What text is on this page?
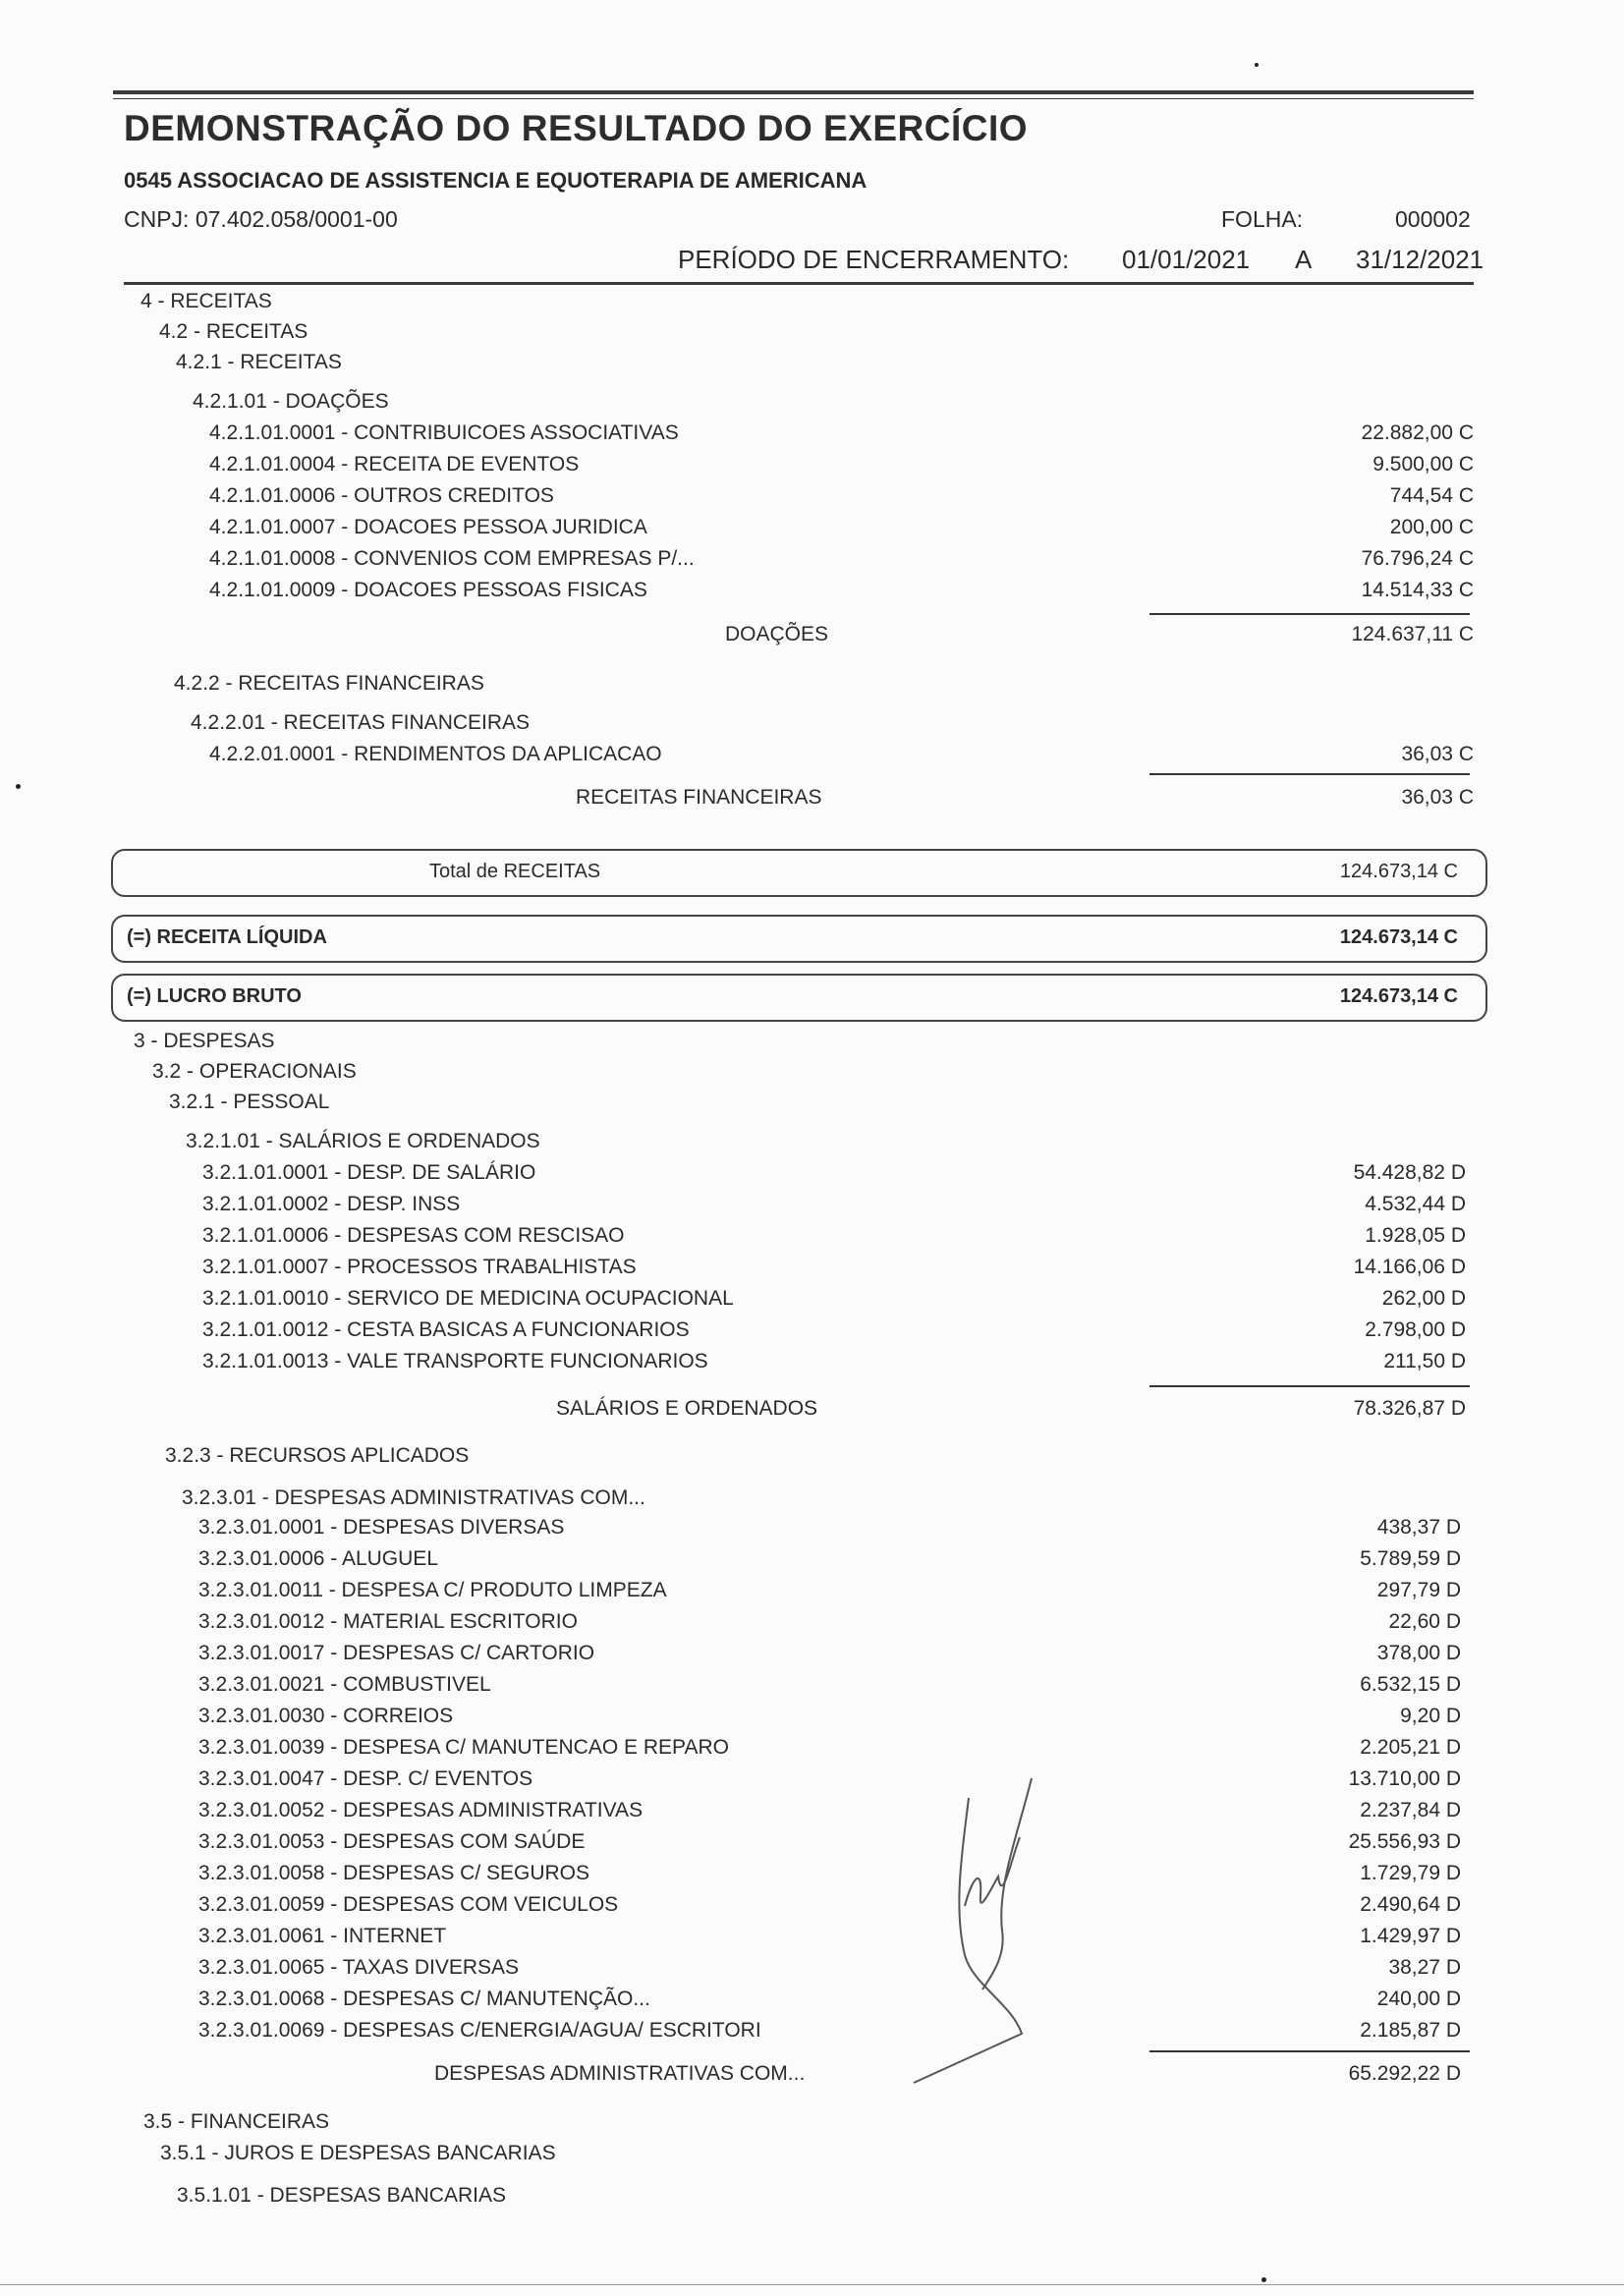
DEMONSTRAÇÃO DO RESULTADO DO EXERCÍCIO
0545 ASSOCIACAO DE ASSISTENCIA E EQUOTERAPIA DE AMERICANA
CNPJ: 07.402.058/0001-00	FOLHA:	000002
PERÍODO DE ENCERRAMENTO: 01/01/2021 A 31/12/2021
4 - RECEITAS
4.2 - RECEITAS
4.2.1 - RECEITAS
4.2.1.01 - DOAÇÕES
4.2.1.01.0001 - CONTRIBUICOES ASSOCIATIVAS	22.882,00 C
4.2.1.01.0004 - RECEITA DE EVENTOS	9.500,00 C
4.2.1.01.0006 - OUTROS CREDITOS	744,54 C
4.2.1.01.0007 - DOACOES PESSOA JURIDICA	200,00 C
4.2.1.01.0008 - CONVENIOS COM EMPRESAS P/...	76.796,24 C
4.2.1.01.0009 - DOACOES PESSOAS FISICAS	14.514,33 C
DOAÇÕES	124.637,11 C
4.2.2 - RECEITAS FINANCEIRAS
4.2.2.01 - RECEITAS FINANCEIRAS
4.2.2.01.0001 - RENDIMENTOS DA APLICACAO	36,03 C
RECEITAS FINANCEIRAS	36,03 C
Total de RECEITAS	124.673,14 C
(=) RECEITA LÍQUIDA	124.673,14 C
(=) LUCRO BRUTO	124.673,14 C
3 - DESPESAS
3.2 - OPERACIONAIS
3.2.1 - PESSOAL
3.2.1.01 - SALÁRIOS E ORDENADOS
3.2.1.01.0001 - DESP. DE SALÁRIO	54.428,82 D
3.2.1.01.0002 - DESP. INSS	4.532,44 D
3.2.1.01.0006 - DESPESAS COM RESCISAO	1.928,05 D
3.2.1.01.0007 - PROCESSOS TRABALHISTAS	14.166,06 D
3.2.1.01.0010 - SERVICO DE MEDICINA OCUPACIONAL	262,00 D
3.2.1.01.0012 - CESTA BASICAS A FUNCIONARIOS	2.798,00 D
3.2.1.01.0013 - VALE TRANSPORTE FUNCIONARIOS	211,50 D
SALÁRIOS E ORDENADOS	78.326,87 D
3.2.3 - RECURSOS APLICADOS
3.2.3.01 - DESPESAS ADMINISTRATIVAS COM...
3.2.3.01.0001 - DESPESAS DIVERSAS	438,37 D
3.2.3.01.0006 - ALUGUEL	5.789,59 D
3.2.3.01.0011 - DESPESA C/ PRODUTO LIMPEZA	297,79 D
3.2.3.01.0012 - MATERIAL ESCRITORIO	22,60 D
3.2.3.01.0017 - DESPESAS C/ CARTORIO	378,00 D
3.2.3.01.0021 - COMBUSTIVEL	6.532,15 D
3.2.3.01.0030 - CORREIOS	9,20 D
3.2.3.01.0039 - DESPESA C/ MANUTENCAO E REPARO	2.205,21 D
3.2.3.01.0047 - DESP. C/ EVENTOS	13.710,00 D
3.2.3.01.0052 - DESPESAS ADMINISTRATIVAS	2.237,84 D
3.2.3.01.0053 - DESPESAS COM SAÚDE	25.556,93 D
3.2.3.01.0058 - DESPESAS C/ SEGUROS	1.729,79 D
3.2.3.01.0059 - DESPESAS COM VEICULOS	2.490,64 D
3.2.3.01.0061 - INTERNET	1.429,97 D
3.2.3.01.0065 - TAXAS DIVERSAS	38,27 D
3.2.3.01.0068 - DESPESAS C/ MANUTENÇÃO...	240,00 D
3.2.3.01.0069 - DESPESAS C/ENERGIA/AGUA/ ESCRITORI	2.185,87 D
DESPESAS ADMINISTRATIVAS COM...	65.292,22 D
3.5 - FINANCEIRAS
3.5.1 - JUROS E DESPESAS BANCARIAS
3.5.1.01 - DESPESAS BANCARIAS
